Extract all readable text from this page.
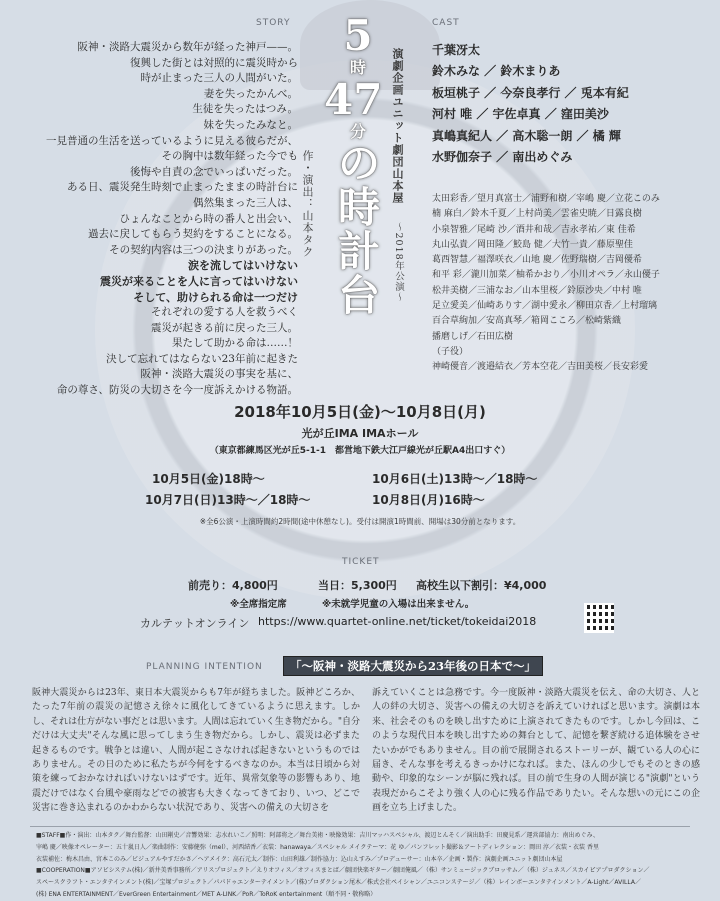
STORY	CAST
阪神・淡路大震災から数年が経った神戸——。
復興した街とは対照的に震災時から
時が止まった三人の人間がいた。
妻を失ったかんべ。
生徒を失ったはつみ。
妹を失ったみなと。
一見普通の生活を送っているように見える彼らだが、
その胸中は数年経った今でも
後悔や自責の念でいっぱいだった。
ある日、震災発生時刻で止まったままの時計台に
偶然集まった三人は、
ひょんなことから時の番人と出会い、
過去に戻してもらう契約をすることになる。
その契約内容は三つの決まりがあった。
涙を流してはいけない
震災が来ることを人に言ってはいけない
そして、助けられる命は一つだけ
それぞれの愛する人を救うべく
震災が起きる前に戻った三人。
果たして助かる命は……！
決して忘れてはならない23年前に起きた
阪神・淡路大震災の事実を基に、
命の尊さ、防災の大切さを今一度訴えかける物語。
5
時
47
分
の
時
計
台
作・演出：山本タク	演劇企画ユニット劇団山本屋
〜2018年公演〜
千葉冴太
鈴木みな ／ 鈴木まりあ
板垣桃子 ／ 今奈良孝行 ／ 兎本有紀
河村 唯 ／ 宇佐卓真 ／ 窪田美沙
真嶋真紀人 ／ 高木聡一朗 ／ 橘 輝
水野伽奈子 ／ 南出めぐみ
太田彩香／望月真富士／浦野和樹／宰嶋 慶／立花このみ
楠 麻白／鈴木千夏／上村尚美／雲雀史暁／日露良樹
小泉智雅／尾崎 沙／酒井和哉／吉永孝祐／東 佳希
丸山弘貴／岡田隆／鮫島 健／大竹一貴／藤原聖佳
葛西智慧／福澤咲衣／山地 慶／佐野瑞樹／吉岡優希
和平 彩／瀧川加菜／柚希かおり／小川オペラ／永山優子
松井美樹／三浦なお／山本里桜／鈴原沙央／中村 唯
足立愛美／仙崎ありす／湖中愛永／柳田京香／上村瑠璃
百合草絢加／安高真琴／箱岡こころ／松崎紫織
播磨しげ／石田広樹
（子役）
神崎優音／渡邉結衣／芳本空花／吉田美桜／長安彩愛
2018年10月5日(金)〜10月8日(月)
光が丘IMA IMAホール
（東京都練馬区光が丘5-1-1　都営地下鉄大江戸線光が丘駅A4出口すぐ）
10月5日(金)18時〜	10月6日(土)13時〜／18時〜
10月7日(日)13時〜／18時〜	10月8日(月)16時〜
※全6公演・上演時間約2時間(途中休憩なし)。受付は開演1時間前、開場は30分前となります。
TICKET
前売り：4,800円	当日：5,300円 高校生以下割引：¥4,000
※全席指定席	※未就学児童の入場は出来ません。
カルテットオンライン https://www.quartet-online.net/ticket/tokeidai2018
PLANNING INTENTION	「〜阪神・淡路大震災から23年後の日本で〜」
阪神大震災からは23年、東日本大震災からも7年が経ちました。阪神どころか、たった7年前の震災の記憶さえ徐々に風化してきているように思えます。しかし、それは仕方がない事だとは思います。人間は忘れていく生き物だから。"自分だけは大丈夫"そんな風に思ってしまう生き物だから。しかし、震災は必ずまた起きるものです。戦争とは違い、人間が起こさなければ起きないというものではありません。その日のために私たちが今何をするべきなのか。本当は日頃から対策を練っておかなければいけないはずです。近年、異常気象等の影響もあり、地震だけではなく台風や豪雨などでの被害も大きくなってきており、いつ、どこで災害に巻き込まれるのかわからない状況であり、災害への備えの大切さを
訴えていくことは急務です。今一度阪神・淡路大震災を伝え、命の大切さ、人と人の絆の大切さ、災害への備えの大切さを訴えていければと思います。演劇は本来、社会そのものを映し出すために上演されてきたものです。しかし今回は、このような現代日本を映し出すための舞台として、記憶を繋ぎ続ける追体験をさせたいかがでもありません。目の前で展開されるストーリーが、観ている人の心に届き、そんな事を考えるきっかけになれば。また、ほんの少しでもそのときの感動や、印象的なシーンが脳に残れば。目の前で生身の人間が演じる"演劇"という表現だからこそより強く人の心に残る作品でありたい。そんな想いの元にこの企画を立ち上げました。
■STAFF■作・演出：山本タク／舞台監督：山田剛史／音響効果：志水れいこ／照明：阿部将之／舞台美術・映像効果：吉川マッハスペシャル、渡辺とんそく／演出助手：田慶見系／運営部協力：南出めぐみ、
宰嶋 慶／映像オペレーター：五十嵐日人／楽曲制作：安藤健弥（mel）、河西結香／衣装：hanawaya／スペシャル メイクテーマ：花 ゆ／パンフレット撮影＆アートディレクション：岡田 淳／衣装・衣装 香里
衣装補佐：梅木昌由、宮本このみ／ビジュアルやすだかさ／ヘアメイク：高石元太／制作：山田利雄／制作協力：込山えすみ／プロデューサー：山本卒／企画・製作：演劇企画ユニット劇団山本屋
■COOPERATION■アソビシステム(株)／新井美香事務所／アリスプロジェクト／えりオフィス／オフィスまとば／劇団快楽ギター／劇団俺風／（株）サンミュージックブロッサム／（株）ジュネス／スカイピアプロダクション／
スペースクラフト・エンタテインメント(株)／宝塚プロジェクト／パパドゥエンターテイメント／(株)プロダクション尾木／株式会社ペイシャン／ユニコンステージ／（株）レインボーエンタテインメント／A-Light／AVILLA／
(株) ENA ENTERTAINMENT／EverGreen Entertainment／MET A-LINK／PoR／ToRoK entertainment（順不同・敬称略）
